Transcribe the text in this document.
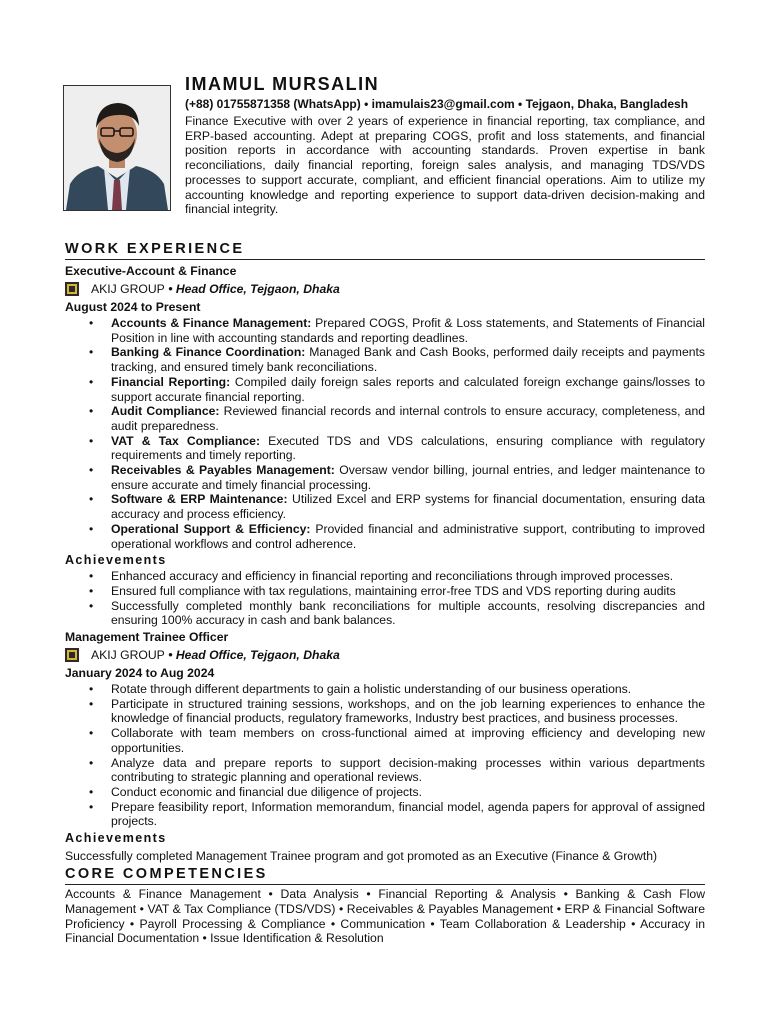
IMAMUL MURSALIN
(+88) 01755871358 (WhatsApp) • imamulais23@gmail.com • Tejgaon, Dhaka, Bangladesh
Finance Executive with over 2 years of experience in financial reporting, tax compliance, and ERP-based accounting. Adept at preparing COGS, profit and loss statements, and financial position reports in accordance with accounting standards. Proven expertise in bank reconciliations, daily financial reporting, foreign sales analysis, and managing TDS/VDS processes to support accurate, compliant, and efficient financial operations. Aim to utilize my accounting knowledge and reporting experience to support data-driven decision-making and financial integrity.
WORK EXPERIENCE
Executive-Account & Finance
AKIJ GROUP • Head Office, Tejgaon, Dhaka
August 2024 to Present
• Accounts & Finance Management: Prepared COGS, Profit & Loss statements, and Statements of Financial Position in line with accounting standards and reporting deadlines.
• Banking & Finance Coordination: Managed Bank and Cash Books, performed daily receipts and payments tracking, and ensured timely bank reconciliations.
• Financial Reporting: Compiled daily foreign sales reports and calculated foreign exchange gains/losses to support accurate financial reporting.
• Audit Compliance: Reviewed financial records and internal controls to ensure accuracy, completeness, and audit preparedness.
• VAT & Tax Compliance: Executed TDS and VDS calculations, ensuring compliance with regulatory requirements and timely reporting.
• Receivables & Payables Management: Oversaw vendor billing, journal entries, and ledger maintenance to ensure accurate and timely financial processing.
• Software & ERP Maintenance: Utilized Excel and ERP systems for financial documentation, ensuring data accuracy and process efficiency.
• Operational Support & Efficiency: Provided financial and administrative support, contributing to improved operational workflows and control adherence.
Achievements
• Enhanced accuracy and efficiency in financial reporting and reconciliations through improved processes.
• Ensured full compliance with tax regulations, maintaining error-free TDS and VDS reporting during audits
• Successfully completed monthly bank reconciliations for multiple accounts, resolving discrepancies and ensuring 100% accuracy in cash and bank balances.
Management Trainee Officer
AKIJ GROUP • Head Office, Tejgaon, Dhaka
January 2024 to Aug 2024
• Rotate through different departments to gain a holistic understanding of our business operations.
• Participate in structured training sessions, workshops, and on the job learning experiences to enhance the knowledge of financial products, regulatory frameworks, Industry best practices, and business processes.
• Collaborate with team members on cross-functional aimed at improving efficiency and developing new opportunities.
• Analyze data and prepare reports to support decision-making processes within various departments contributing to strategic planning and operational reviews.
• Conduct economic and financial due diligence of projects.
• Prepare feasibility report, Information memorandum, financial model, agenda papers for approval of assigned projects.
Achievements
Successfully completed Management Trainee program and got promoted as an Executive (Finance & Growth)
CORE COMPETENCIES
Accounts & Finance Management • Data Analysis • Financial Reporting & Analysis • Banking & Cash Flow Management • VAT & Tax Compliance (TDS/VDS) • Receivables & Payables Management • ERP & Financial Software Proficiency • Payroll Processing & Compliance • Communication • Team Collaboration & Leadership • Accuracy in Financial Documentation • Issue Identification & Resolution
